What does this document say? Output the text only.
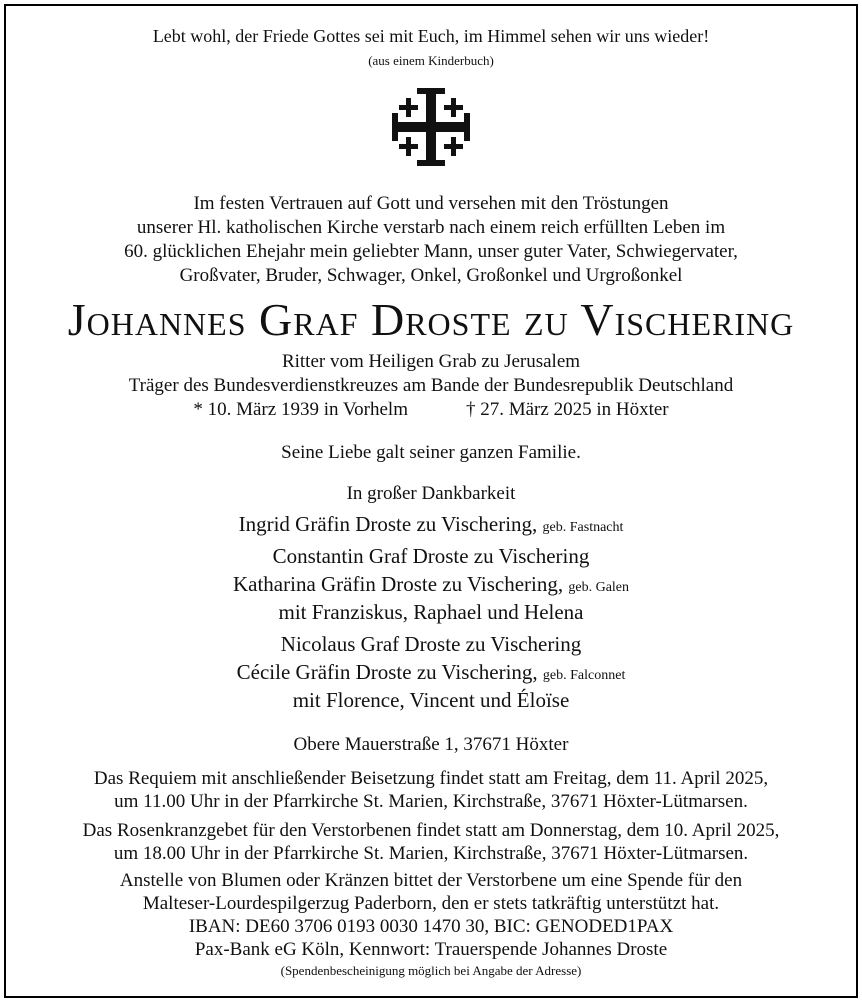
Lebt wohl, der Friede Gottes sei mit Euch, im Himmel sehen wir uns wieder!
(aus einem Kinderbuch)
Im festen Vertrauen auf Gott und versehen mit den Tröstungen
unserer Hl. katholischen Kirche verstarb nach einem reich erfüllten Leben im
60. glücklichen Ehejahr mein geliebter Mann, unser guter Vater, Schwiegervater,
Großvater, Bruder, Schwager, Onkel, Großonkel und Urgroßonkel
Johannes Graf Droste zu Vischering
Ritter vom Heiligen Grab zu Jerusalem
Träger des Bundesverdienstkreuzes am Bande der Bundesrepublik Deutschland
* 10. März 1939 in Vorhelm	† 27. März 2025 in Höxter
Seine Liebe galt seiner ganzen Familie.
In großer Dankbarkeit
Ingrid Gräfin Droste zu Vischering, geb. Fastnacht
Constantin Graf Droste zu Vischering
Katharina Gräfin Droste zu Vischering, geb. Galen
mit Franziskus, Raphael und Helena
Nicolaus Graf Droste zu Vischering
Cécile Gräfin Droste zu Vischering, geb. Falconnet
mit Florence, Vincent und Éloïse
Obere Mauerstraße 1, 37671 Höxter
Das Requiem mit anschließender Beisetzung findet statt am Freitag, dem 11. April 2025,
um 11.00 Uhr in der Pfarrkirche St. Marien, Kirchstraße, 37671 Höxter-Lütmarsen.
Das Rosenkranzgebet für den Verstorbenen findet statt am Donnerstag, dem 10. April 2025,
um 18.00 Uhr in der Pfarrkirche St. Marien, Kirchstraße, 37671 Höxter-Lütmarsen.
Anstelle von Blumen oder Kränzen bittet der Verstorbene um eine Spende für den
Malteser-Lourdespilgerzug Paderborn, den er stets tatkräftig unterstützt hat.
IBAN: DE60 3706 0193 0030 1470 30, BIC: GENODED1PAX
Pax-Bank eG Köln, Kennwort: Trauerspende Johannes Droste
(Spendenbescheinigung möglich bei Angabe der Adresse)
